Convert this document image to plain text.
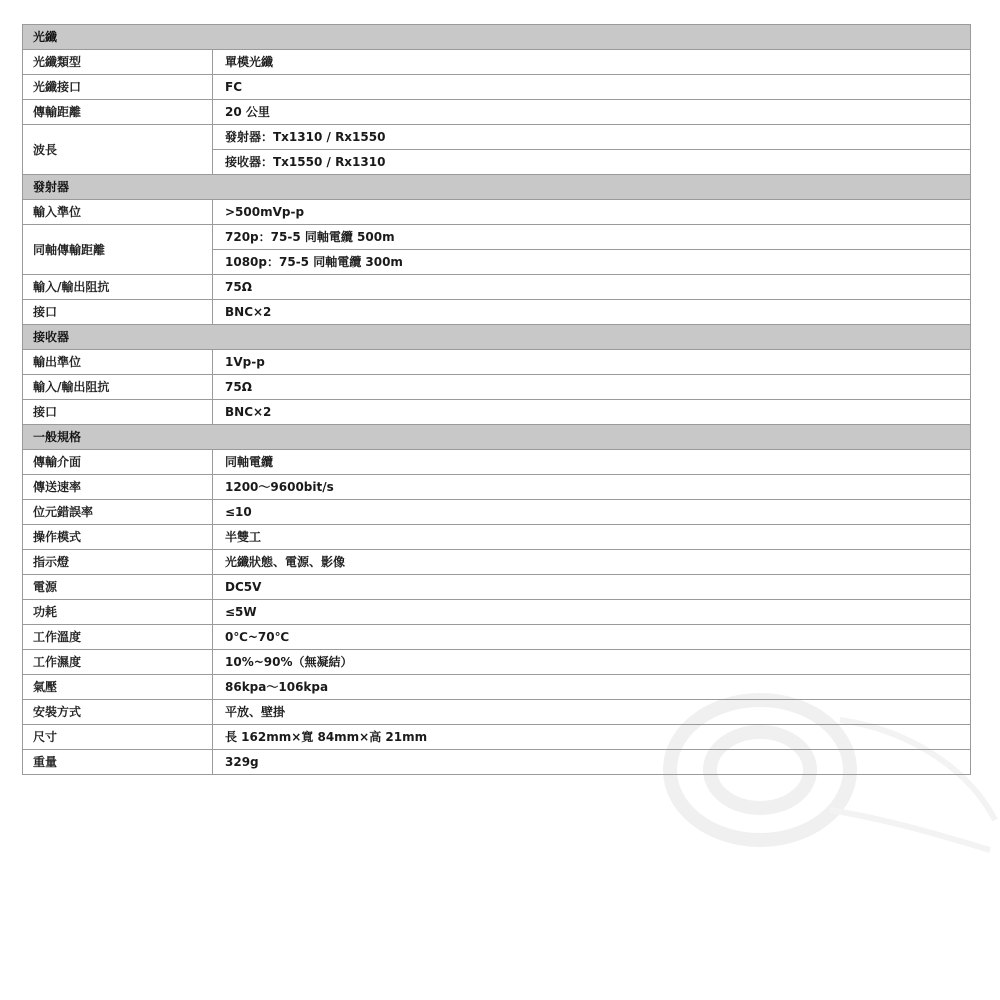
光纖	
光纖類型	單模光纖
光纖接口	FC
傳輸距離	20 公里
波長	發射器：Tx1310 / Rx1550
	接收器：Tx1550 / Rx1310
發射器	
輸入準位	>500mVp-p
同軸傳輸距離	720p：75-5 同軸電纜 500m
	1080p：75-5 同軸電纜 300m
輸入/輸出阻抗	75Ω
接口	BNC×2
接收器	
輸出準位	1Vp-p
輸入/輸出阻抗	75Ω
接口	BNC×2
一般規格	
傳輸介面	同軸電纜
傳送速率	1200～9600bit/s
位元錯誤率	≤10
操作模式	半雙工
指示燈	光纖狀態、電源、影像
電源	DC5V
功耗	≤5W
工作溫度	0℃~70℃
工作濕度	10%~90%（無凝結）
氣壓	86kpa～106kpa
安裝方式	平放、壁掛
尺寸	長 162mm×寬 84mm×高 21mm
重量	329g
